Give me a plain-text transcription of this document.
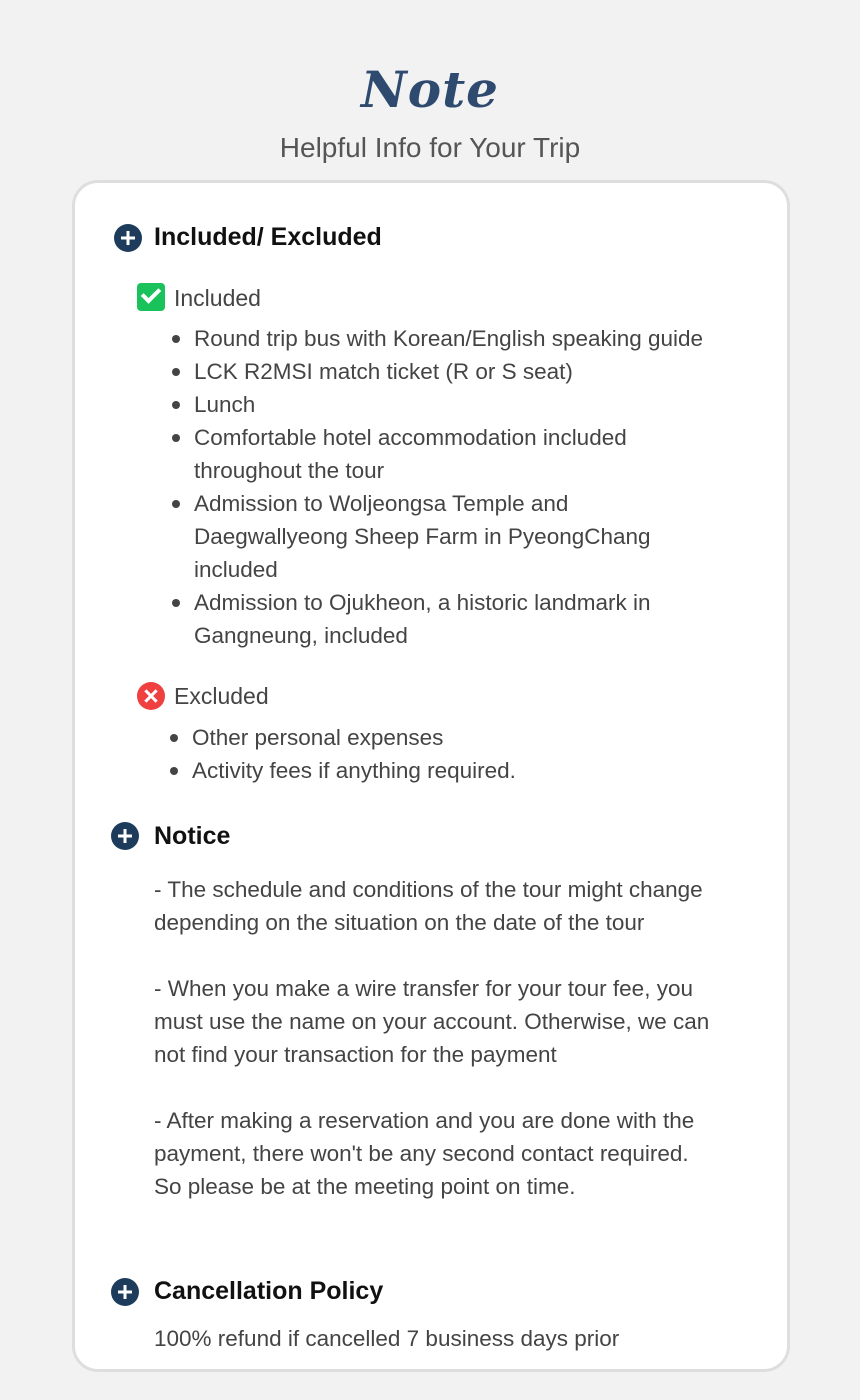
Note
Helpful Info for Your Trip
Included/ Excluded
Included
Round trip bus with Korean/English speaking guide
LCK R2MSI match ticket (R or S seat)
Lunch
Comfortable hotel accommodation included throughout the tour
Admission to Woljeongsa Temple and Daegwallyeong Sheep Farm in PyeongChang included
Admission to Ojukheon, a historic landmark in Gangneung, included
Excluded
Other personal expenses
Activity fees if anything required.
Notice
- The schedule and conditions of the tour might change depending on the situation on the date of the tour
- When you make a wire transfer for your tour fee, you must use the name on your account. Otherwise, we can not find your transaction for the payment
- After making a reservation and you are done with the payment, there won't be any second contact required. So please be at the meeting point on time.
Cancellation Policy
100% refund if cancelled 7 business days prior
